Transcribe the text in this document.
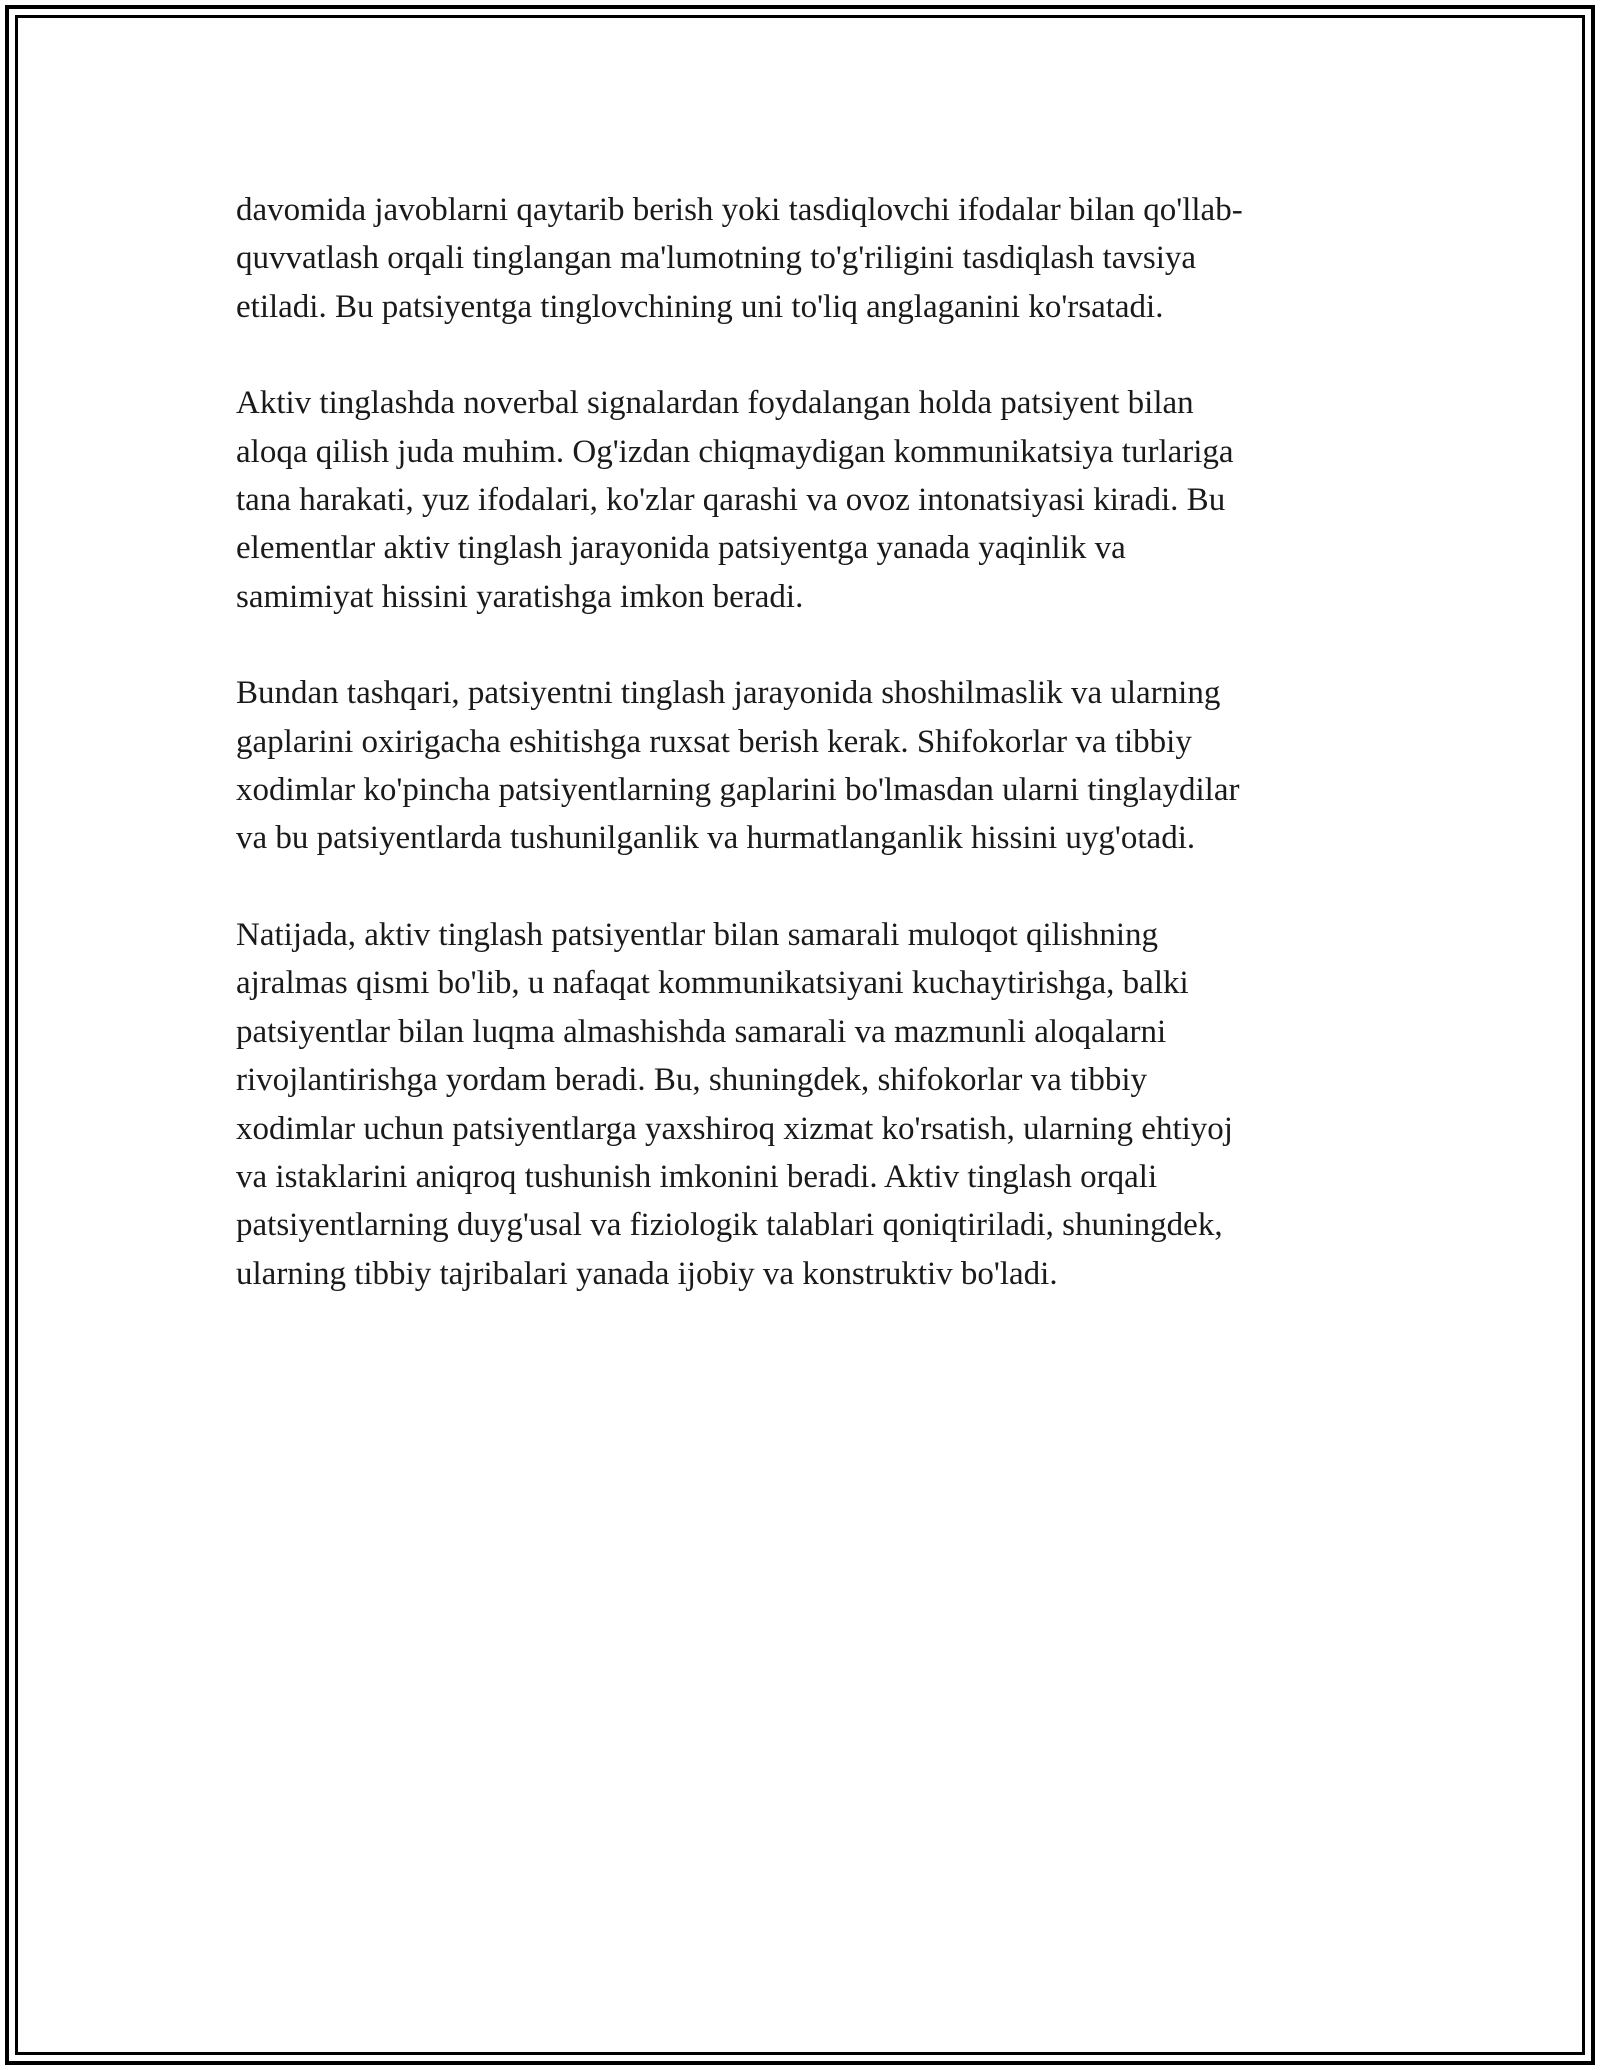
davomida javoblarni qaytarib berish yoki tasdiqlovchi ifodalar bilan qo'llab-
quvvatlash orqali tinglangan ma'lumotning to'g'riligini tasdiqlash tavsiya
etiladi. Bu patsiyentga tinglovchining uni to'liq anglaganini ko'rsatadi.

Aktiv tinglashda noverbal signalardan foydalangan holda patsiyent bilan
aloqa qilish juda muhim. Og'izdan chiqmaydigan kommunikatsiya turlariga
tana harakati, yuz ifodalari, ko'zlar qarashi va ovoz intonatsiyasi kiradi. Bu
elementlar aktiv tinglash jarayonida patsiyentga yanada yaqinlik va
samimiyat hissini yaratishga imkon beradi.

Bundan tashqari, patsiyentni tinglash jarayonida shoshilmaslik va ularning
gaplarini oxirigacha eshitishga ruxsat berish kerak. Shifokorlar va tibbiy
xodimlar ko'pincha patsiyentlarning gaplarini bo'lmasdan ularni tinglaydilar
va bu patsiyentlarda tushunilganlik va hurmatlanganlik hissini uyg'otadi.

Natijada, aktiv tinglash patsiyentlar bilan samarali muloqot qilishning
ajralmas qismi bo'lib, u nafaqat kommunikatsiyani kuchaytirishga, balki
patsiyentlar bilan luqma almashishda samarali va mazmunli aloqalarni
rivojlantirishga yordam beradi. Bu, shuningdek, shifokorlar va tibbiy
xodimlar uchun patsiyentlarga yaxshiroq xizmat ko'rsatish, ularning ehtiyoj
va istaklarini aniqroq tushunish imkonini beradi. Aktiv tinglash orqali
patsiyentlarning duyg'usal va fiziologik talablari qoniqtiriladi, shuningdek,
ularning tibbiy tajribalari yanada ijobiy va konstruktiv bo'ladi.
